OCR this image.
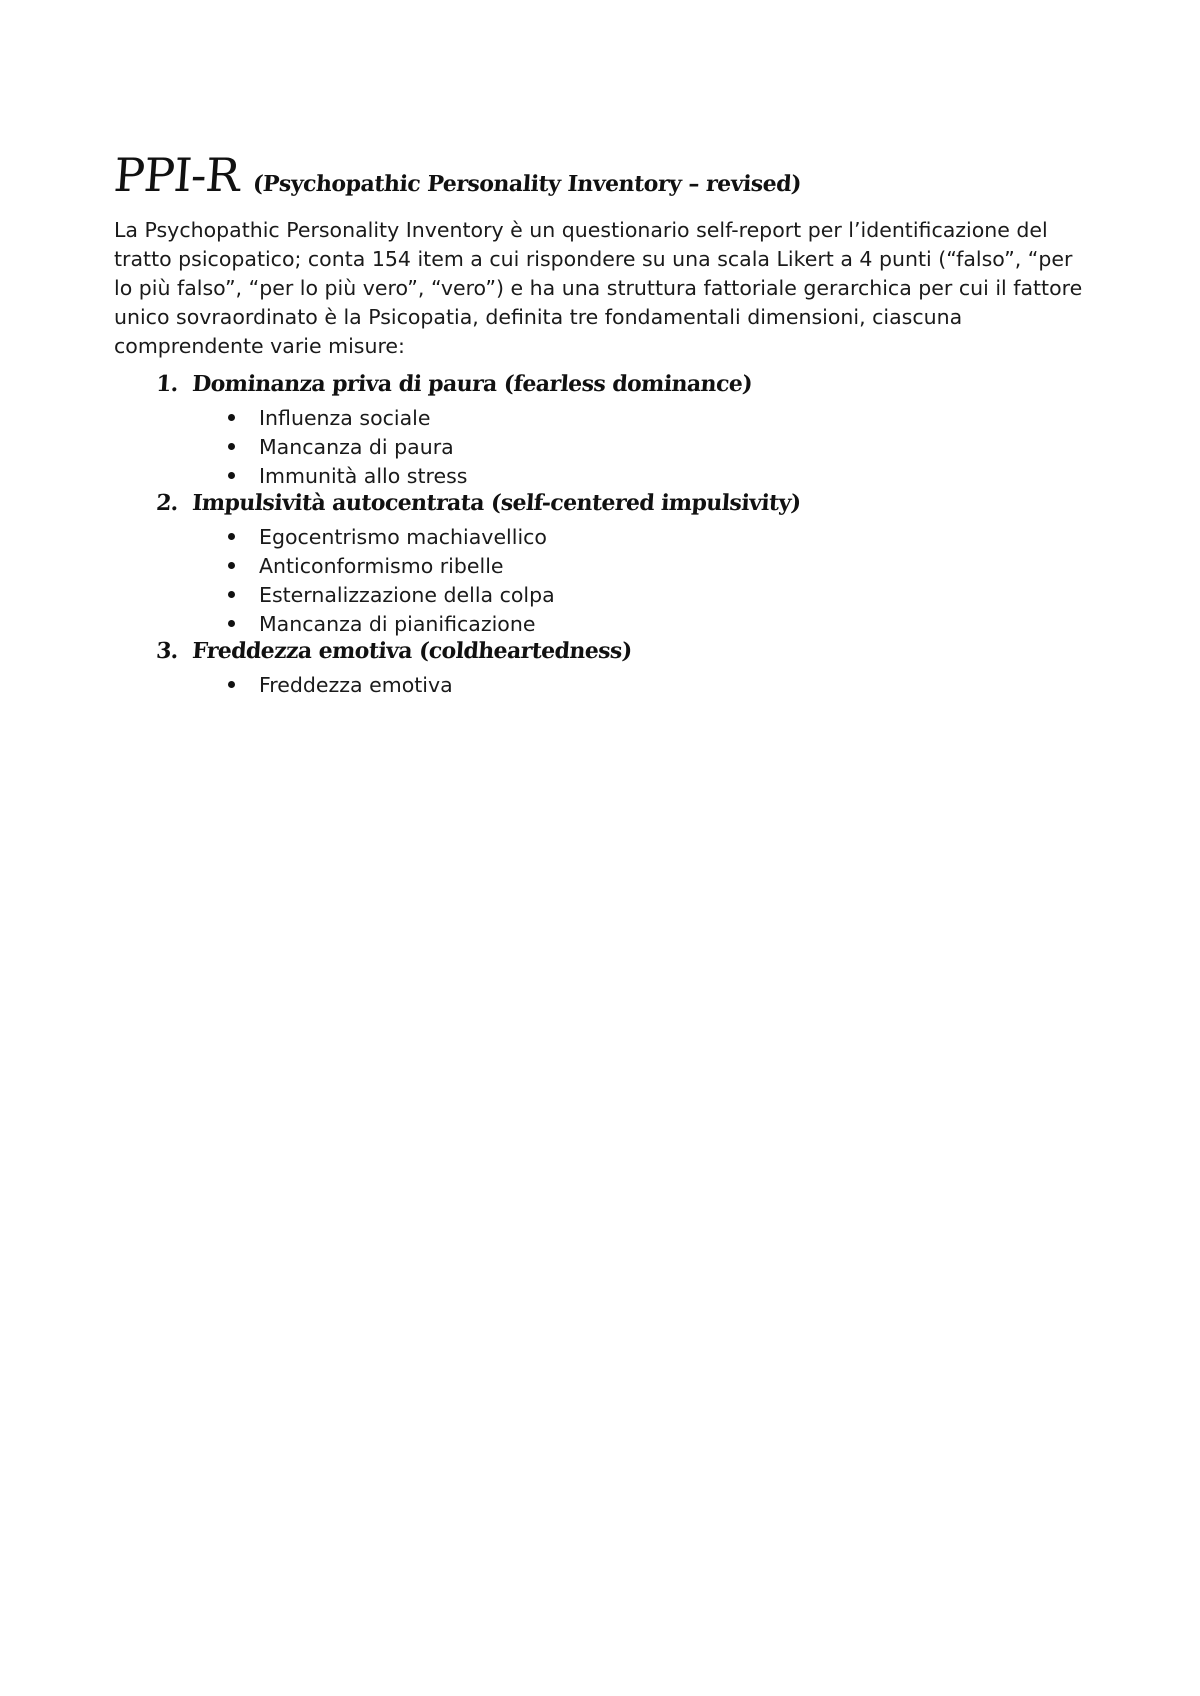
PPI-R (Psychopathic Personality Inventory – revised)

La Psychopathic Personality Inventory è un questionario self-report per l’identificazione del tratto psicopatico; conta 154 item a cui rispondere su una scala Likert a 4 punti (“falso”, “per lo più falso”, “per lo più vero”, “vero”) e ha una struttura fattoriale gerarchica per cui il fattore unico sovraordinato è la Psicopatia, definita tre fondamentali dimensioni, ciascuna comprendente varie misure:

1. Dominanza priva di paura (fearless dominance)
Influenza sociale
Mancanza di paura
Immunità allo stress
2. Impulsività autocentrata (self-centered impulsivity)
Egocentrismo machiavellico
Anticonformismo ribelle
Esternalizzazione della colpa
Mancanza di pianificazione
3. Freddezza emotiva (coldheartedness)
Freddezza emotiva
